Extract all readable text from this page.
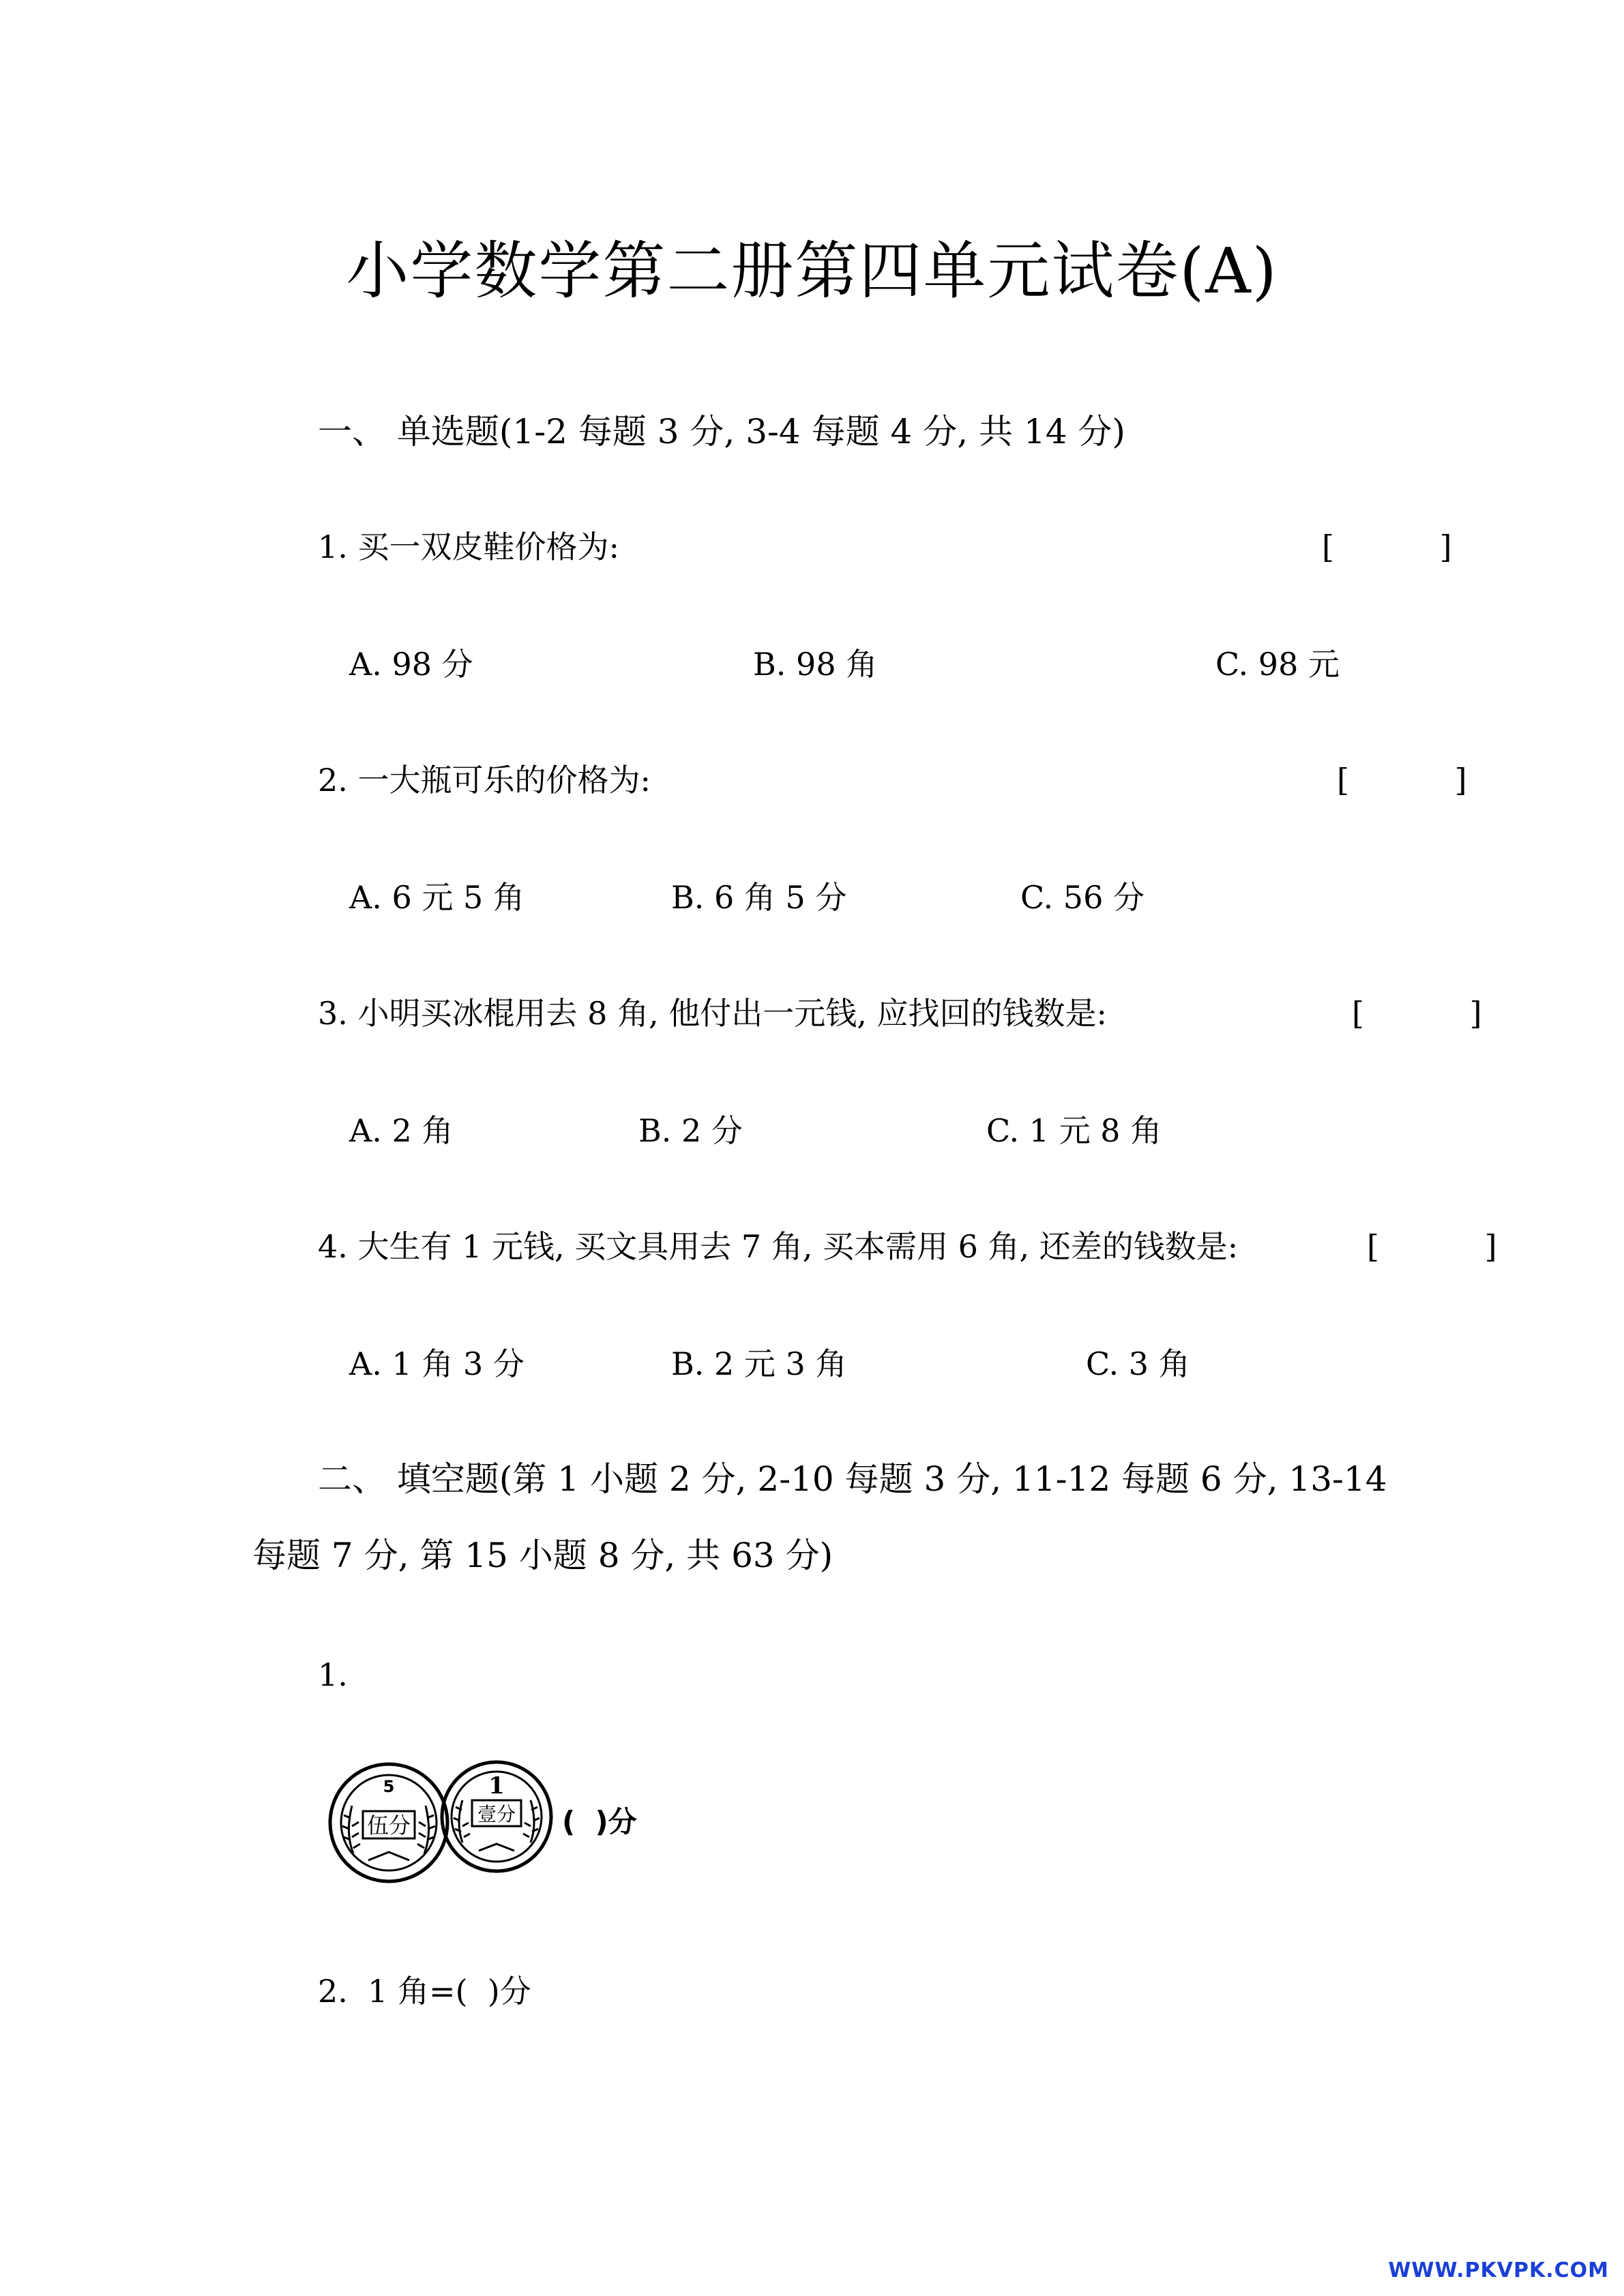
小学数学第二册第四单元试卷(A)
一、 单选题(1-2 每题 3 分, 3-4 每题 4 分, 共 14 分)
1. 买一双皮鞋价格为:	[ ]
A. 98 分	B. 98 角	C. 98 元
2. 一大瓶可乐的价格为:	[ ]
A. 6 元 5 角	B. 6 角 5 分	C. 56 分
3. 小明买冰棍用去 8 角, 他付出一元钱, 应找回的钱数是:	[ ]
A. 2 角	B. 2 分	C. 1 元 8 角
4. 大生有 1 元钱, 买文具用去 7 角, 买本需用 6 角, 还差的钱数是:	[ ]
A. 1 角 3 分	B. 2 元 3 角	C. 3 角
二、 填空题(第 1 小题 2 分, 2-10 每题 3 分, 11-12 每题 6 分, 13-14
每题 7 分, 第 15 小题 8 分, 共 63 分)
1.
5
伍分
1
壹分 (  )分
2.  1 角=(  )分
WWW.PKVPK.COM
